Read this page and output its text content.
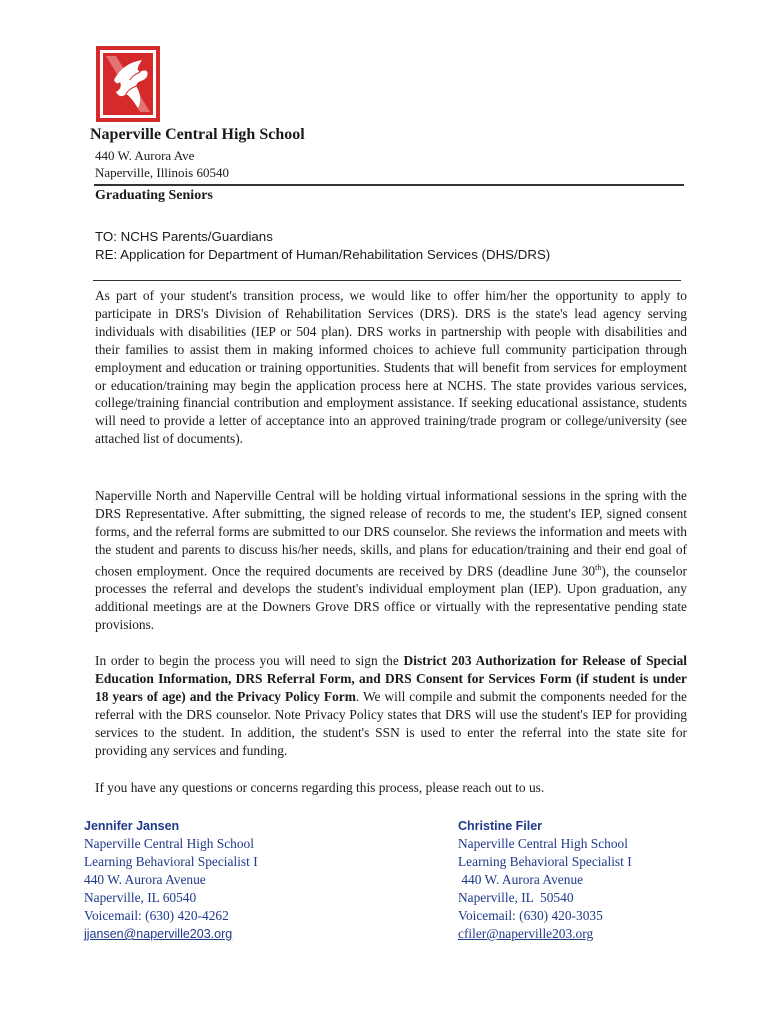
Naperville Central High School
440 W. Aurora Ave
Naperville, Illinois 60540
Graduating Seniors
TO: NCHS Parents/Guardians
RE: Application for Department of Human/Rehabilitation Services (DHS/DRS)

As part of your student's transition process, we would like to offer him/her the opportunity to apply to participate in DRS's Division of Rehabilitation Services (DRS). DRS is the state's lead agency serving individuals with disabilities (IEP or 504 plan). DRS works in partnership with people with disabilities and their families to assist them in making informed choices to achieve full community participation through employment and education or training opportunities. Students that will benefit from services for employment or education/training may begin the application process here at NCHS. The state provides various services, college/training financial contribution and employment assistance. If seeking educational assistance, students will need to provide a letter of acceptance into an approved training/trade program or college/university (see attached list of documents).

Naperville North and Naperville Central will be holding virtual informational sessions in the spring with the DRS Representative. After submitting, the signed release of records to me, the student's IEP, signed consent forms, and the referral forms are submitted to our DRS counselor. She reviews the information and meets with the student and parents to discuss his/her needs, skills, and plans for education/training and their end goal of chosen employment. Once the required documents are received by DRS (deadline June 30th), the counselor processes the referral and develops the student's individual employment plan (IEP). Upon graduation, any additional meetings are at the Downers Grove DRS office or virtually with the representative pending state provisions.

In order to begin the process you will need to sign the District 203 Authorization for Release of Special Education Information, DRS Referral Form, and DRS Consent for Services Form (if student is under 18 years of age) and the Privacy Policy Form. We will compile and submit the components needed for the referral with the DRS counselor. Note Privacy Policy states that DRS will use the student's IEP for providing services to the student. In addition, the student's SSN is used to enter the referral into the state site for providing any services and funding.

If you have any questions or concerns regarding this process, please reach out to us.
Jennifer Jansen
Naperville Central High School
Learning Behavioral Specialist I
440 W. Aurora Avenue
Naperville, IL 60540
Voicemail: (630) 420-4262
jjansen@naperville203.org
Christine Filer
Naperville Central High School
Learning Behavioral Specialist I
440 W. Aurora Avenue
Naperville, IL  50540
Voicemail: (630) 420-3035
cfiler@naperville203.org
